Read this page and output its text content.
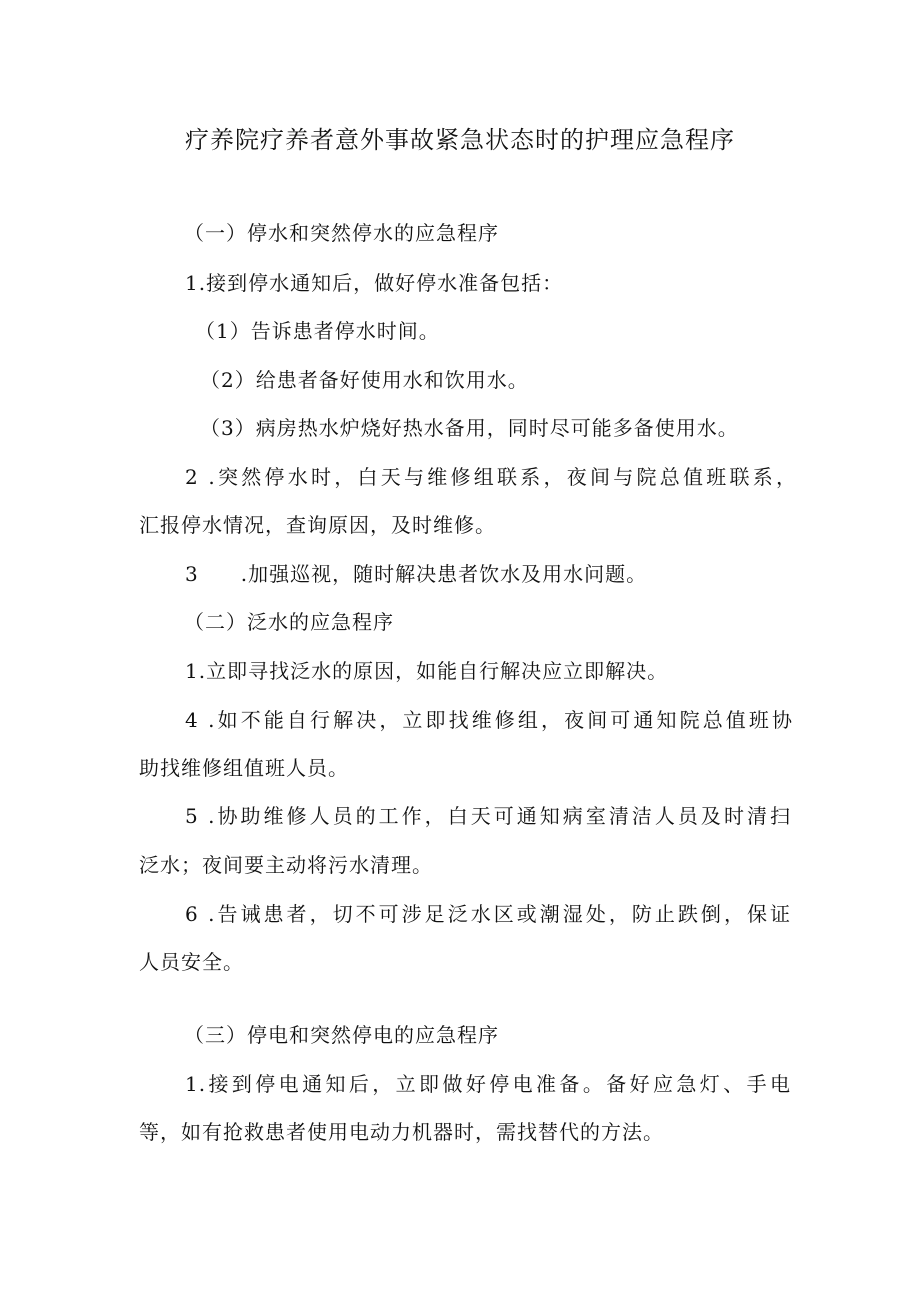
疗养院疗养者意外事故紧急状态时的护理应急程序
（一）停水和突然停水的应急程序
1.接到停水通知后，做好停水准备包括：
（1）告诉患者停水时间。
（2）给患者备好使用水和饮用水。
（3）病房热水炉烧好热水备用，同时尽可能多备使用水。
2 .突然停水时，白天与维修组联系，夜间与院总值班联系，
汇报停水情况，查询原因，及时维修。
3　　.加强巡视，随时解决患者饮水及用水问题。
（二）泛水的应急程序
1.立即寻找泛水的原因，如能自行解决应立即解决。
4 .如不能自行解决，立即找维修组，夜间可通知院总值班协
助找维修组值班人员。
5 .协助维修人员的工作，白天可通知病室清洁人员及时清扫
泛水；夜间要主动将污水清理。
6 .告诫患者，切不可涉足泛水区或潮湿处，防止跌倒，保证
人员安全。
（三）停电和突然停电的应急程序
1.接到停电通知后，立即做好停电准备。备好应急灯、手电
等，如有抢救患者使用电动力机器时，需找替代的方法。
